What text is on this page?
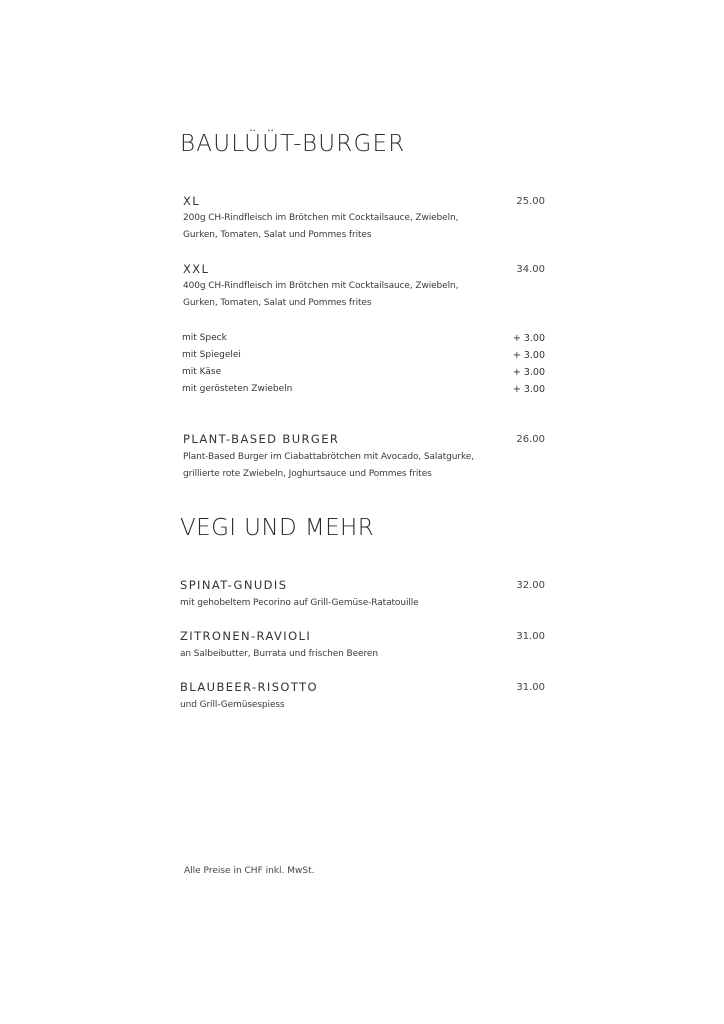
BAULÜÜT-BURGER
XL	25.00
200g CH-Rindfleisch im Brötchen mit Cocktailsauce, Zwiebeln,
Gurken, Tomaten, Salat und Pommes frites
XXL	34.00
400g CH-Rindfleisch im Brötchen mit Cocktailsauce, Zwiebeln,
Gurken, Tomaten, Salat und Pommes frites
mit Speck	+ 3.00
mit Spiegelei	+ 3.00
mit Käse	+ 3.00
mit gerösteten Zwiebeln	+ 3.00
PLANT-BASED BURGER	26.00
Plant-Based Burger im Ciabattabrötchen mit Avocado, Salatgurke,
grillierte rote Zwiebeln, Joghurtsauce und Pommes frites
VEGI UND MEHR
SPINAT-GNUDIS	32.00
mit gehobeltem Pecorino auf Grill-Gemüse-Ratatouille
ZITRONEN-RAVIOLI	31.00
an Salbeibutter, Burrata und frischen Beeren
BLAUBEER-RISOTTO	31.00
und Grill-Gemüsespiess
Alle Preise in CHF inkl. MwSt.
